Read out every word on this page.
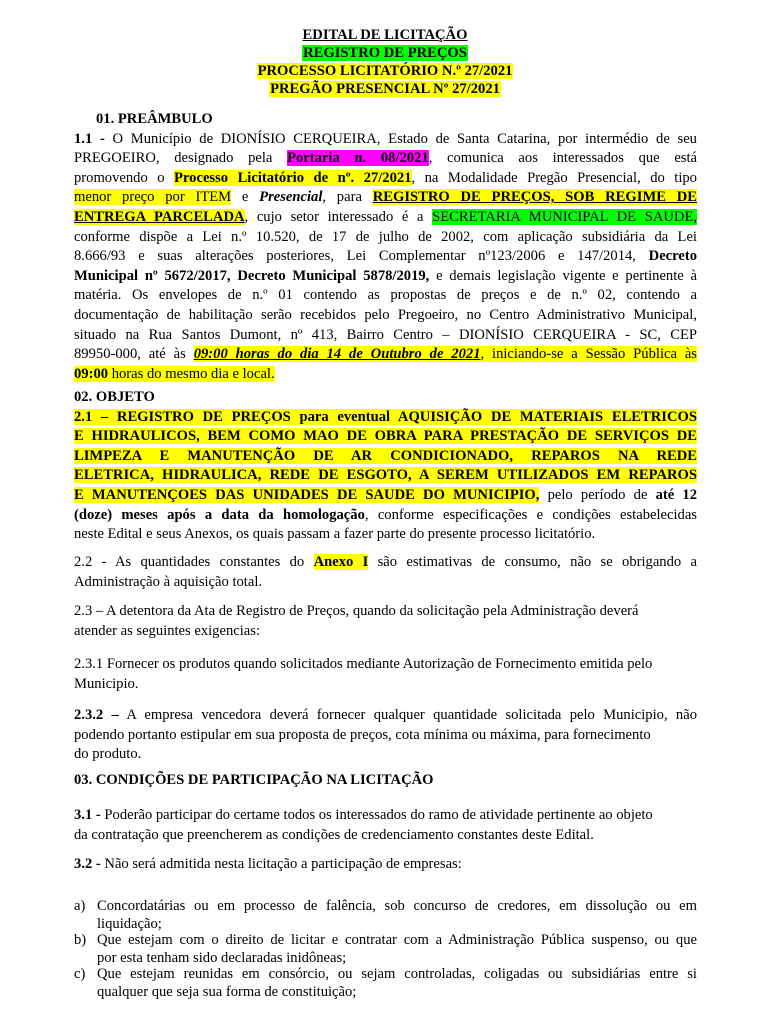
EDITAL DE LICITAÇÃO
REGISTRO DE PREÇOS
PROCESSO LICITATÓRIO N.º 27/2021
PREGÃO PRESENCIAL Nº 27/2021
01. PREÂMBULO
1.1 - O Município de DIONÍSIO CERQUEIRA, Estado de Santa Catarina, por intermédio de seu
PREGOEIRO, designado pela Portaria n. 08/2021, comunica aos interessados que está
promovendo o Processo Licitatório de nº. 27/2021, na Modalidade Pregão Presencial, do tipo
menor preço por ITEM e Presencial, para REGISTRO DE PREÇOS, SOB REGIME DE
ENTREGA PARCELADA, cujo setor interessado é a SECRETARIA MUNICIPAL DE SAUDE,
conforme dispõe a Lei n.º 10.520, de 17 de julho de 2002, com aplicação subsidiária da Lei
8.666/93 e suas alterações posteriores, Lei Complementar nº123/2006 e 147/2014, Decreto
Municipal nº 5672/2017, Decreto Municipal 5878/2019, e demais legislação vigente e pertinente à
matéria. Os envelopes de n.º 01 contendo as propostas de preços e de n.º 02, contendo a
documentação de habilitação serão recebidos pelo Pregoeiro, no Centro Administrativo Municipal,
situado na Rua Santos Dumont, nº 413, Bairro Centro – DIONÍSIO CERQUEIRA - SC, CEP
89950-000, até às 09:00 horas do dia 14 de Outubro de 2021, iniciando-se a Sessão Pública às
09:00 horas do mesmo dia e local.
02. OBJETO
2.1 – REGISTRO DE PREÇOS para eventual AQUISIÇÃO DE MATERIAIS ELETRICOS
E HIDRAULICOS, BEM COMO MAO DE OBRA PARA PRESTAÇÃO DE SERVIÇOS DE
LIMPEZA E MANUTENÇÃO DE AR CONDICIONADO, REPAROS NA REDE
ELETRICA, HIDRAULICA, REDE DE ESGOTO, A SEREM UTILIZADOS EM REPAROS
E MANUTENÇOES DAS UNIDADES DE SAUDE DO MUNICIPIO, pelo período de até 12
(doze) meses após a data da homologação, conforme especificações e condições estabelecidas
neste Edital e seus Anexos, os quais passam a fazer parte do presente processo licitatório.
2.2 - As quantidades constantes do Anexo I são estimativas de consumo, não se obrigando a
Administração à aquisição total.
2.3 – A detentora da Ata de Registro de Preços, quando da solicitação pela Administração deverá
atender as seguintes exigencias:
2.3.1 Fornecer os produtos quando solicitados mediante Autorização de Fornecimento emitida pelo
Municipio.
2.3.2 – A empresa vencedora deverá fornecer qualquer quantidade solicitada pelo Municipio, não
podendo portanto estipular em sua proposta de preços, cota mínima ou máxima, para fornecimento
do produto.
03. CONDIÇÕES DE PARTICIPAÇÃO NA LICITAÇÃO
3.1 - Poderão participar do certame todos os interessados do ramo de atividade pertinente ao objeto
da contratação que preencherem as condições de credenciamento constantes deste Edital.
3.2 - Não será admitida nesta licitação a participação de empresas:
a) Concordatárias ou em processo de falência, sob concurso de credores, em dissolução ou em
liquidação;
b) Que estejam com o direito de licitar e contratar com a Administração Pública suspenso, ou que
por esta tenham sido declaradas inidôneas;
c) Que estejam reunidas em consórcio, ou sejam controladas, coligadas ou subsidiárias entre si
qualquer que seja sua forma de constituição;
